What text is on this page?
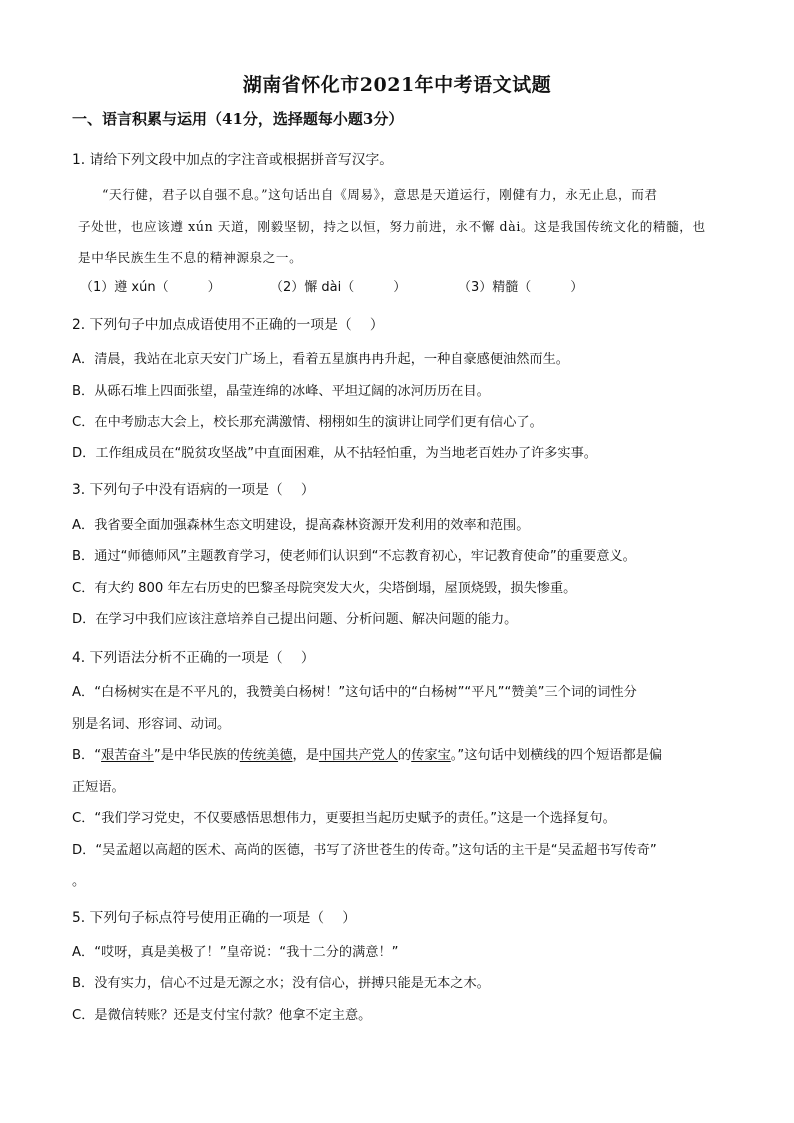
湖南省怀化市2021年中考语文试题
一、语言积累与运用（41分，选择题每小题3分）
1. 请给下列文段中加点的字注音或根据拼音写汉字。
“天行健，君子以自强不息。”这句话出自《周易》，意思是天道运行，刚健有力，永无止息，而君
子处世，也应该遵 xún 天道，刚毅坚韧，持之以恒，努力前进，永不懈 dài。这是我国传统文化的精髓，也
是中华民族生生不息的精神源泉之一。
（1）遵 xún（　　　）	（2）懈 dài（　　　）	（3）精髓（　　　）
2. 下列句子中加点成语使用不正确的一项是（　 ）
A．清晨，我站在北京天安门广场上，看着五星旗冉冉升起，一种自豪感便油然而生。
B．从砾石堆上四面张望，晶莹连绵的冰峰、平坦辽阔的冰河历历在目。
C．在中考励志大会上，校长那充满激情、栩栩如生的演讲让同学们更有信心了。
D．工作组成员在“脱贫攻坚战”中直面困难，从不拈轻怕重，为当地老百姓办了许多实事。
3. 下列句子中没有语病的一项是（　 ）
A．我省要全面加强森林生态文明建设，提高森林资源开发利用的效率和范围。
B．通过“师德师风”主题教育学习，使老师们认识到“不忘教育初心，牢记教育使命”的重要意义。
C．有大约 800 年左右历史的巴黎圣母院突发大火，尖塔倒塌，屋顶烧毁，损失惨重。
D．在学习中我们应该注意培养自己提出问题、分析问题、解决问题的能力。
4. 下列语法分析不正确的一项是（　 ）
A．“白杨树实在是不平凡的，我赞美白杨树！”这句话中的“白杨树”“平凡”“赞美”三个词的词性分
别是名词、形容词、动词。
B．“艰苦奋斗”是中华民族的传统美德，是中国共产党人的传家宝。”这句话中划横线的四个短语都是偏
正短语。
C．“我们学习党史，不仅要感悟思想伟力，更要担当起历史赋予的责任。”这是一个选择复句。
D．“吴孟超以高超的医术、高尚的医德，书写了济世苍生的传奇。”这句话的主干是“吴孟超书写传奇”
。
5. 下列句子标点符号使用正确的一项是（　 ）
A．“哎呀，真是美极了！”皇帝说：“我十二分的满意！”
B．没有实力，信心不过是无源之水；没有信心，拼搏只能是无本之木。
C．是微信转账？还是支付宝付款？他拿不定主意。
